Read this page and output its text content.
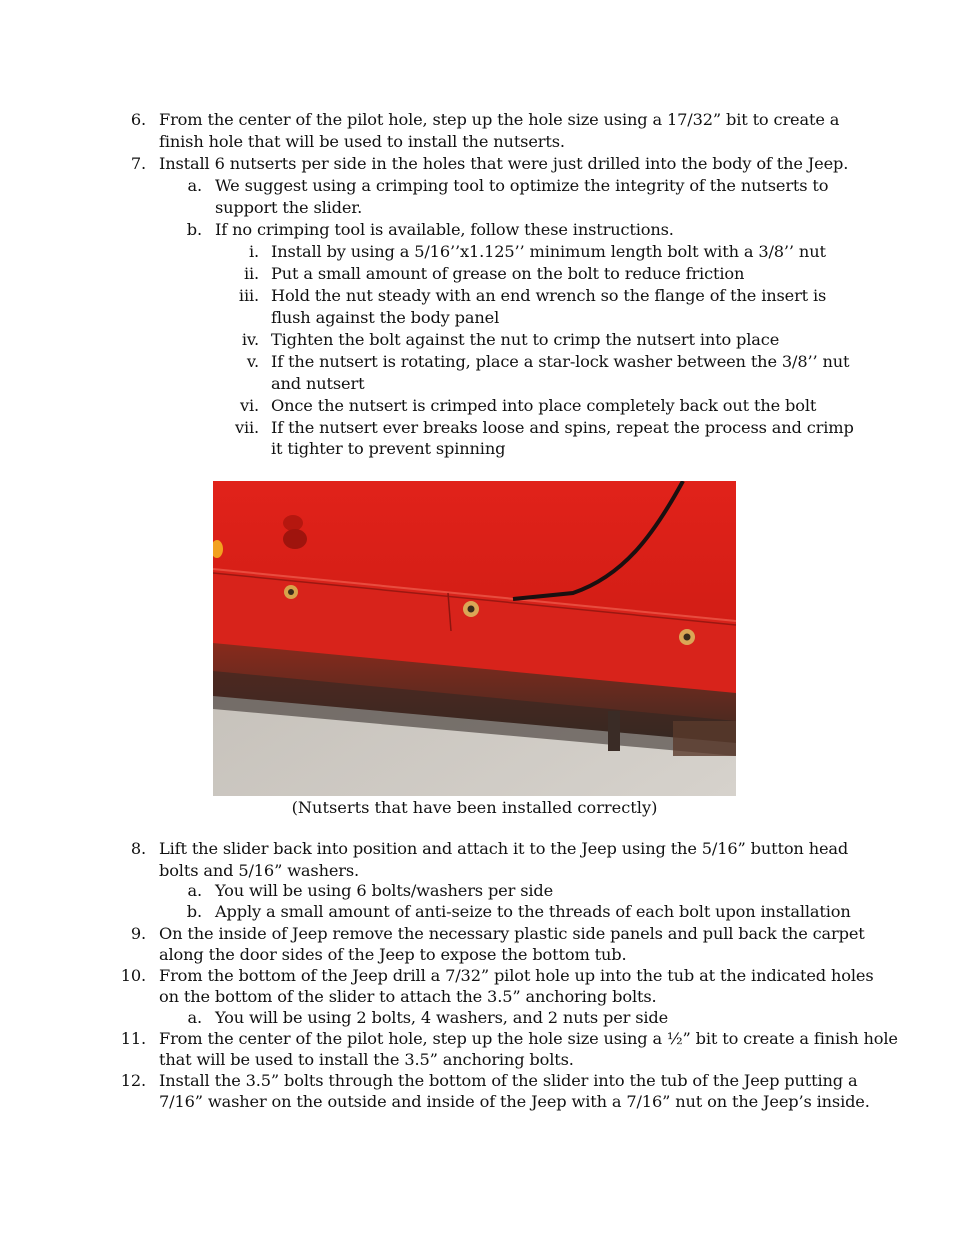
6. From the center of the pilot hole, step up the hole size using a 17/32” bit to create a
finish hole that will be used to install the nutserts.
7. Install 6 nutserts per side in the holes that were just drilled into the body of the Jeep.
a. We suggest using a crimping tool to optimize the integrity of the nutserts to
support the slider.
b. If no crimping tool is available, follow these instructions.
i. Install by using a 5/16’’x1.125’’ minimum length bolt with a 3/8’’ nut
ii. Put a small amount of grease on the bolt to reduce friction
iii. Hold the nut steady with an end wrench so the flange of the insert is
flush against the body panel
iv. Tighten the bolt against the nut to crimp the nutsert into place
v. If the nutsert is rotating, place a star-lock washer between the 3/8’’ nut
and nutsert
vi. Once the nutsert is crimped into place completely back out the bolt
vii. If the nutsert ever breaks loose and spins, repeat the process and crimp
it tighter to prevent spinning
(Nutserts that have been installed correctly)
8. Lift the slider back into position and attach it to the Jeep using the 5/16” button head
bolts and 5/16” washers.
a. You will be using 6 bolts/washers per side
b. Apply a small amount of anti-seize to the threads of each bolt upon installation
9. On the inside of Jeep remove the necessary plastic side panels and pull back the carpet
along the door sides of the Jeep to expose the bottom tub.
10. From the bottom of the Jeep drill a 7/32” pilot hole up into the tub at the indicated holes
on the bottom of the slider to attach the 3.5” anchoring bolts.
a. You will be using 2 bolts, 4 washers, and 2 nuts per side
11. From the center of the pilot hole, step up the hole size using a ½” bit to create a finish hole
that will be used to install the 3.5” anchoring bolts.
12. Install the 3.5” bolts through the bottom of the slider into the tub of the Jeep putting a
7/16” washer on the outside and inside of the Jeep with a 7/16” nut on the Jeep’s inside.
